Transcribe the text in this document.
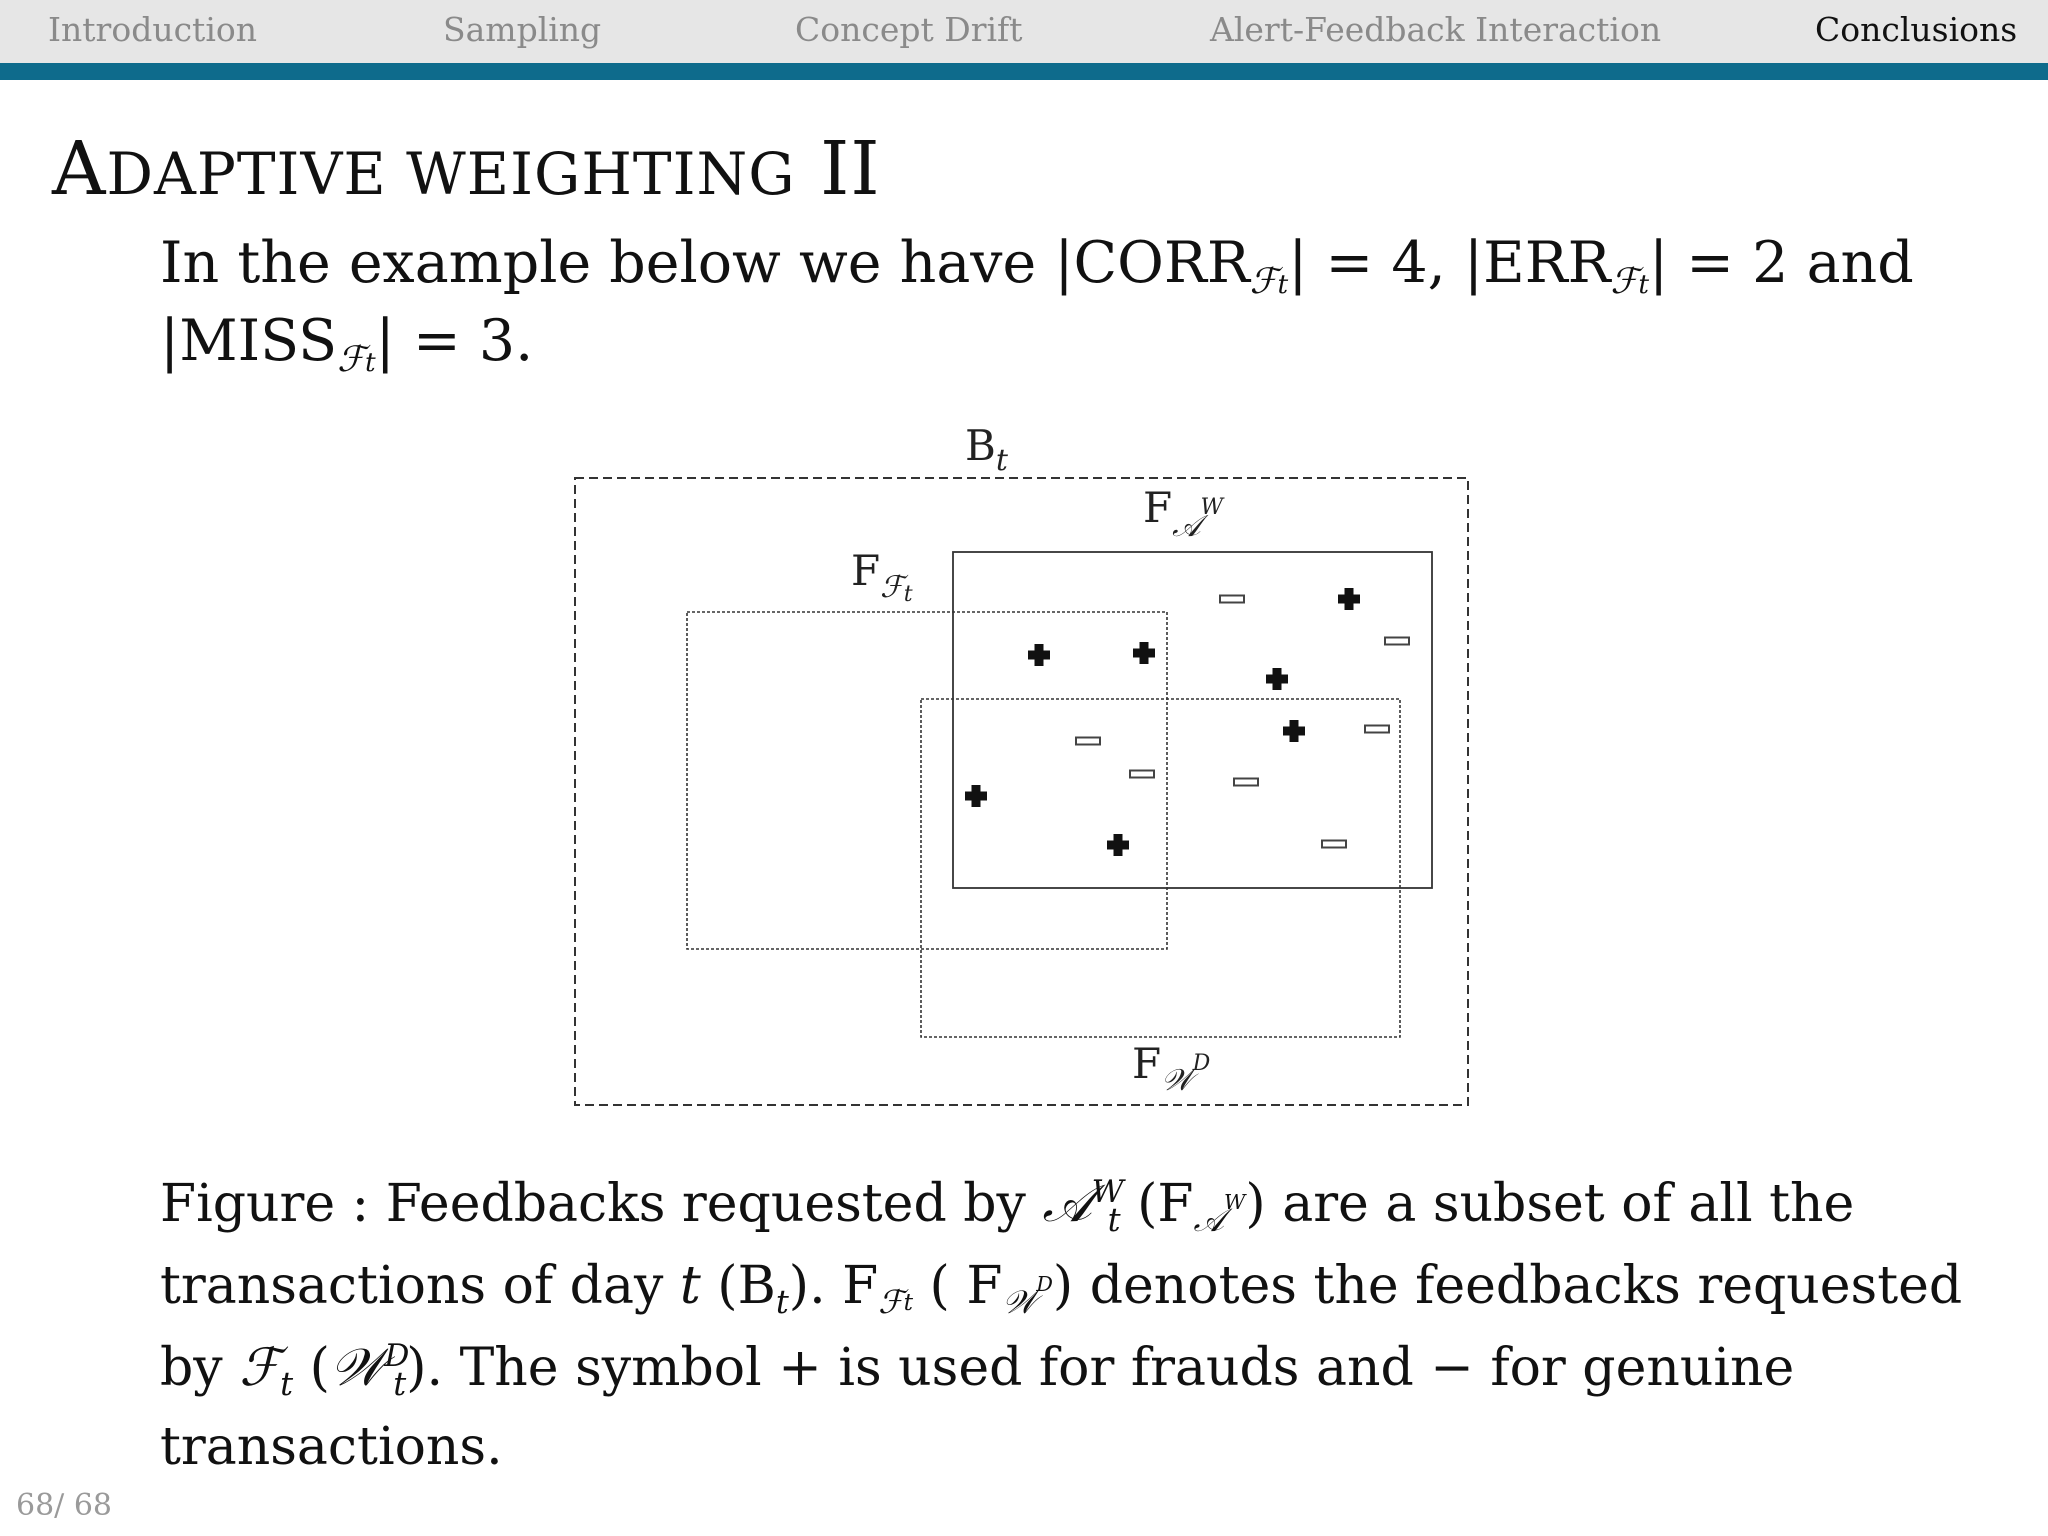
Introduction	Sampling	Concept Drift	Alert-Feedback Interaction	Conclusions
ADAPTIVE WEIGHTING II
In the example below we have |CORRℱt| = 4, |ERRℱt| = 2 and
|MISSℱt| = 3.
$B_t$
$F_𝒜^W$
$F_ℱt$
$F_𝒲^D$
Figure : Feedbacks requested by 𝒜$^W$t (F𝒜$^W$) are a subset of all the
transactions of day t (Bt). Fℱt ( F𝒲$^D$) denotes the feedbacks requested
by ℱt (𝒲$^D$t). The symbol + is used for frauds and − for genuine
transactions.
68/ 68
